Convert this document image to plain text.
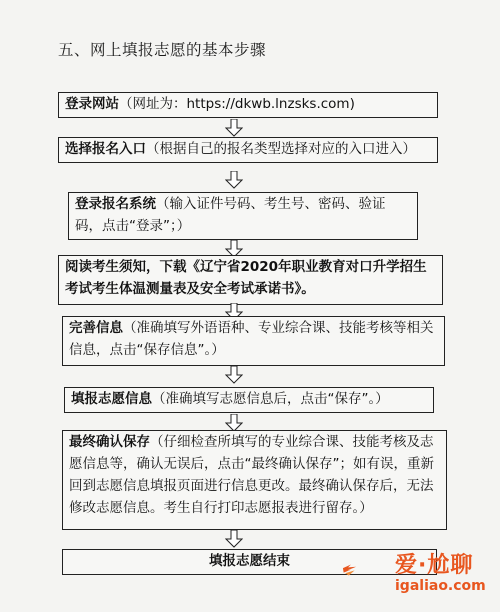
五、网上填报志愿的基本步骤
登录网站（网址为：https://dkwb.lnzsks.com)
选择报名入口（根据自己的报名类型选择对应的入口进入）
登录报名系统（输入证件号码、考生号、密码、验证码，点击“登录”；）
阅读考生须知，下载《辽宁省2020年职业教育对口升学招生考试考生体温测量表及安全考试承诺书》。
完善信息（准确填写外语语种、专业综合课、技能考核等相关信息，点击“保存信息”。）
填报志愿信息（准确填写志愿信息后，点击“保存”。）
最终确认保存（仔细检查所填写的专业综合课、技能考核及志愿信息等，确认无误后，点击“最终确认保存”；如有误，重新回到志愿信息填报页面进行信息更改。最终确认保存后，无法修改志愿信息。考生自行打印志愿报表进行留存。）
填报志愿结束	爱·尬聊
igaliao.com
